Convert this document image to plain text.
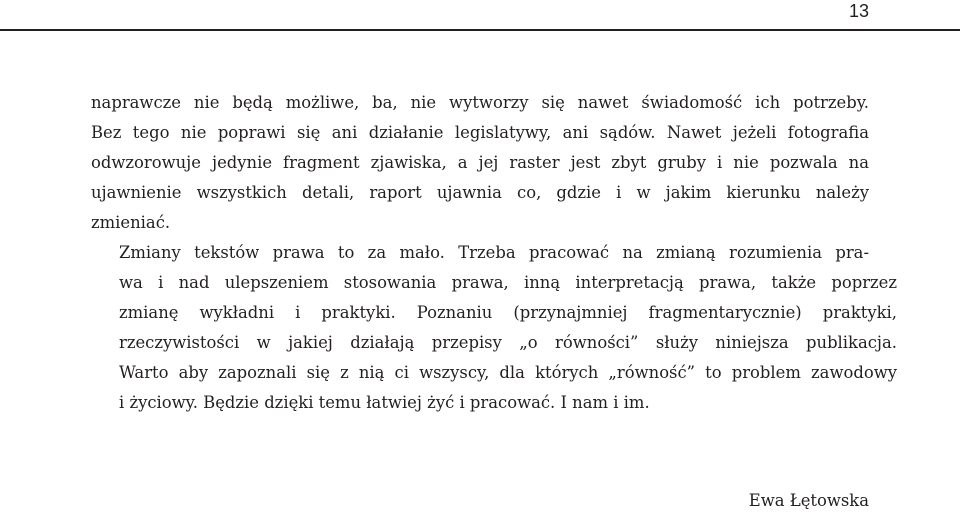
13

naprawcze nie będą możliwe, ba, nie wytworzy się nawet świadomość ich potrzeby.
Bez tego nie poprawi się ani działanie legislatywy, ani sądów. Nawet jeżeli fotografia
odwzorowuje jedynie fragment zjawiska, a jej raster jest zbyt gruby i nie pozwala na
ujawnienie wszystkich detali, raport ujawnia co, gdzie i w jakim kierunku należy
zmieniać.

Zmiany tekstów prawa to za mało. Trzeba pracować na zmianą rozumienia pra-
wa i nad ulepszeniem stosowania prawa, inną interpretacją prawa, także poprzez
zmianę wykładni i praktyki. Poznaniu (przynajmniej fragmentarycznie) praktyki,
rzeczywistości w jakiej działają przepisy „o równości” służy niniejsza publikacja.
Warto aby zapoznali się z nią ci wszyscy, dla których „równość” to problem zawodowy
i życiowy. Będzie dzięki temu łatwiej żyć i pracować. I nam i im.

Ewa Łętowska
